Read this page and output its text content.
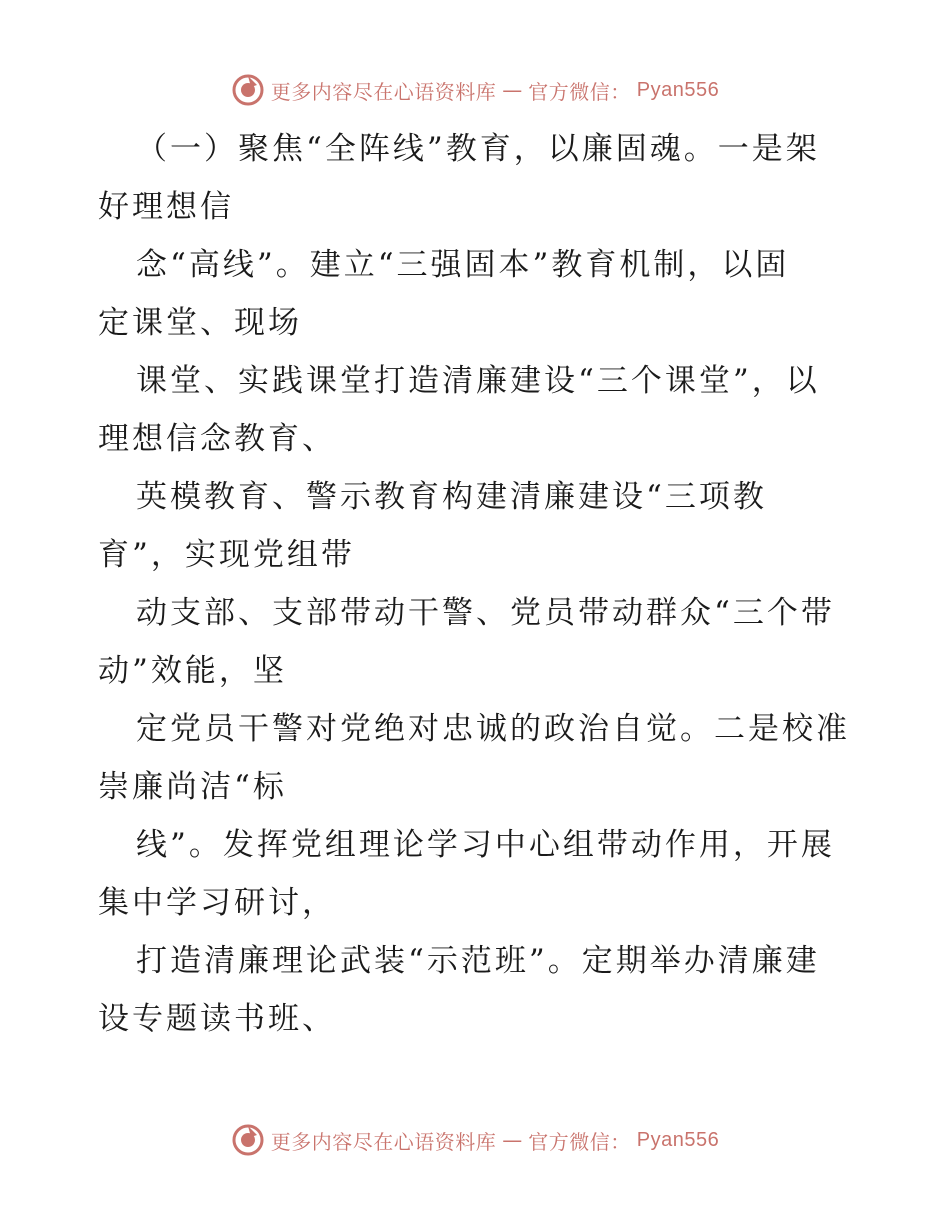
更多内容尽在心语资料库 — 官方微信： Pyan556

（一）聚焦“全阵线”教育，以廉固魂。一是架
好理想信

念“高线”。建立“三强固本”教育机制，以固
定课堂、现场

课堂、实践课堂打造清廉建设“三个课堂”，以
理想信念教育、

英模教育、警示教育构建清廉建设“三项教
育”，实现党组带

动支部、支部带动干警、党员带动群众“三个带
动”效能，坚

定党员干警对党绝对忠诚的政治自觉。二是校准
崇廉尚洁“标

线”。发挥党组理论学习中心组带动作用，开展
集中学习研讨，

打造清廉理论武装“示范班”。定期举办清廉建
设专题读书班、

更多内容尽在心语资料库 — 官方微信： Pyan556
